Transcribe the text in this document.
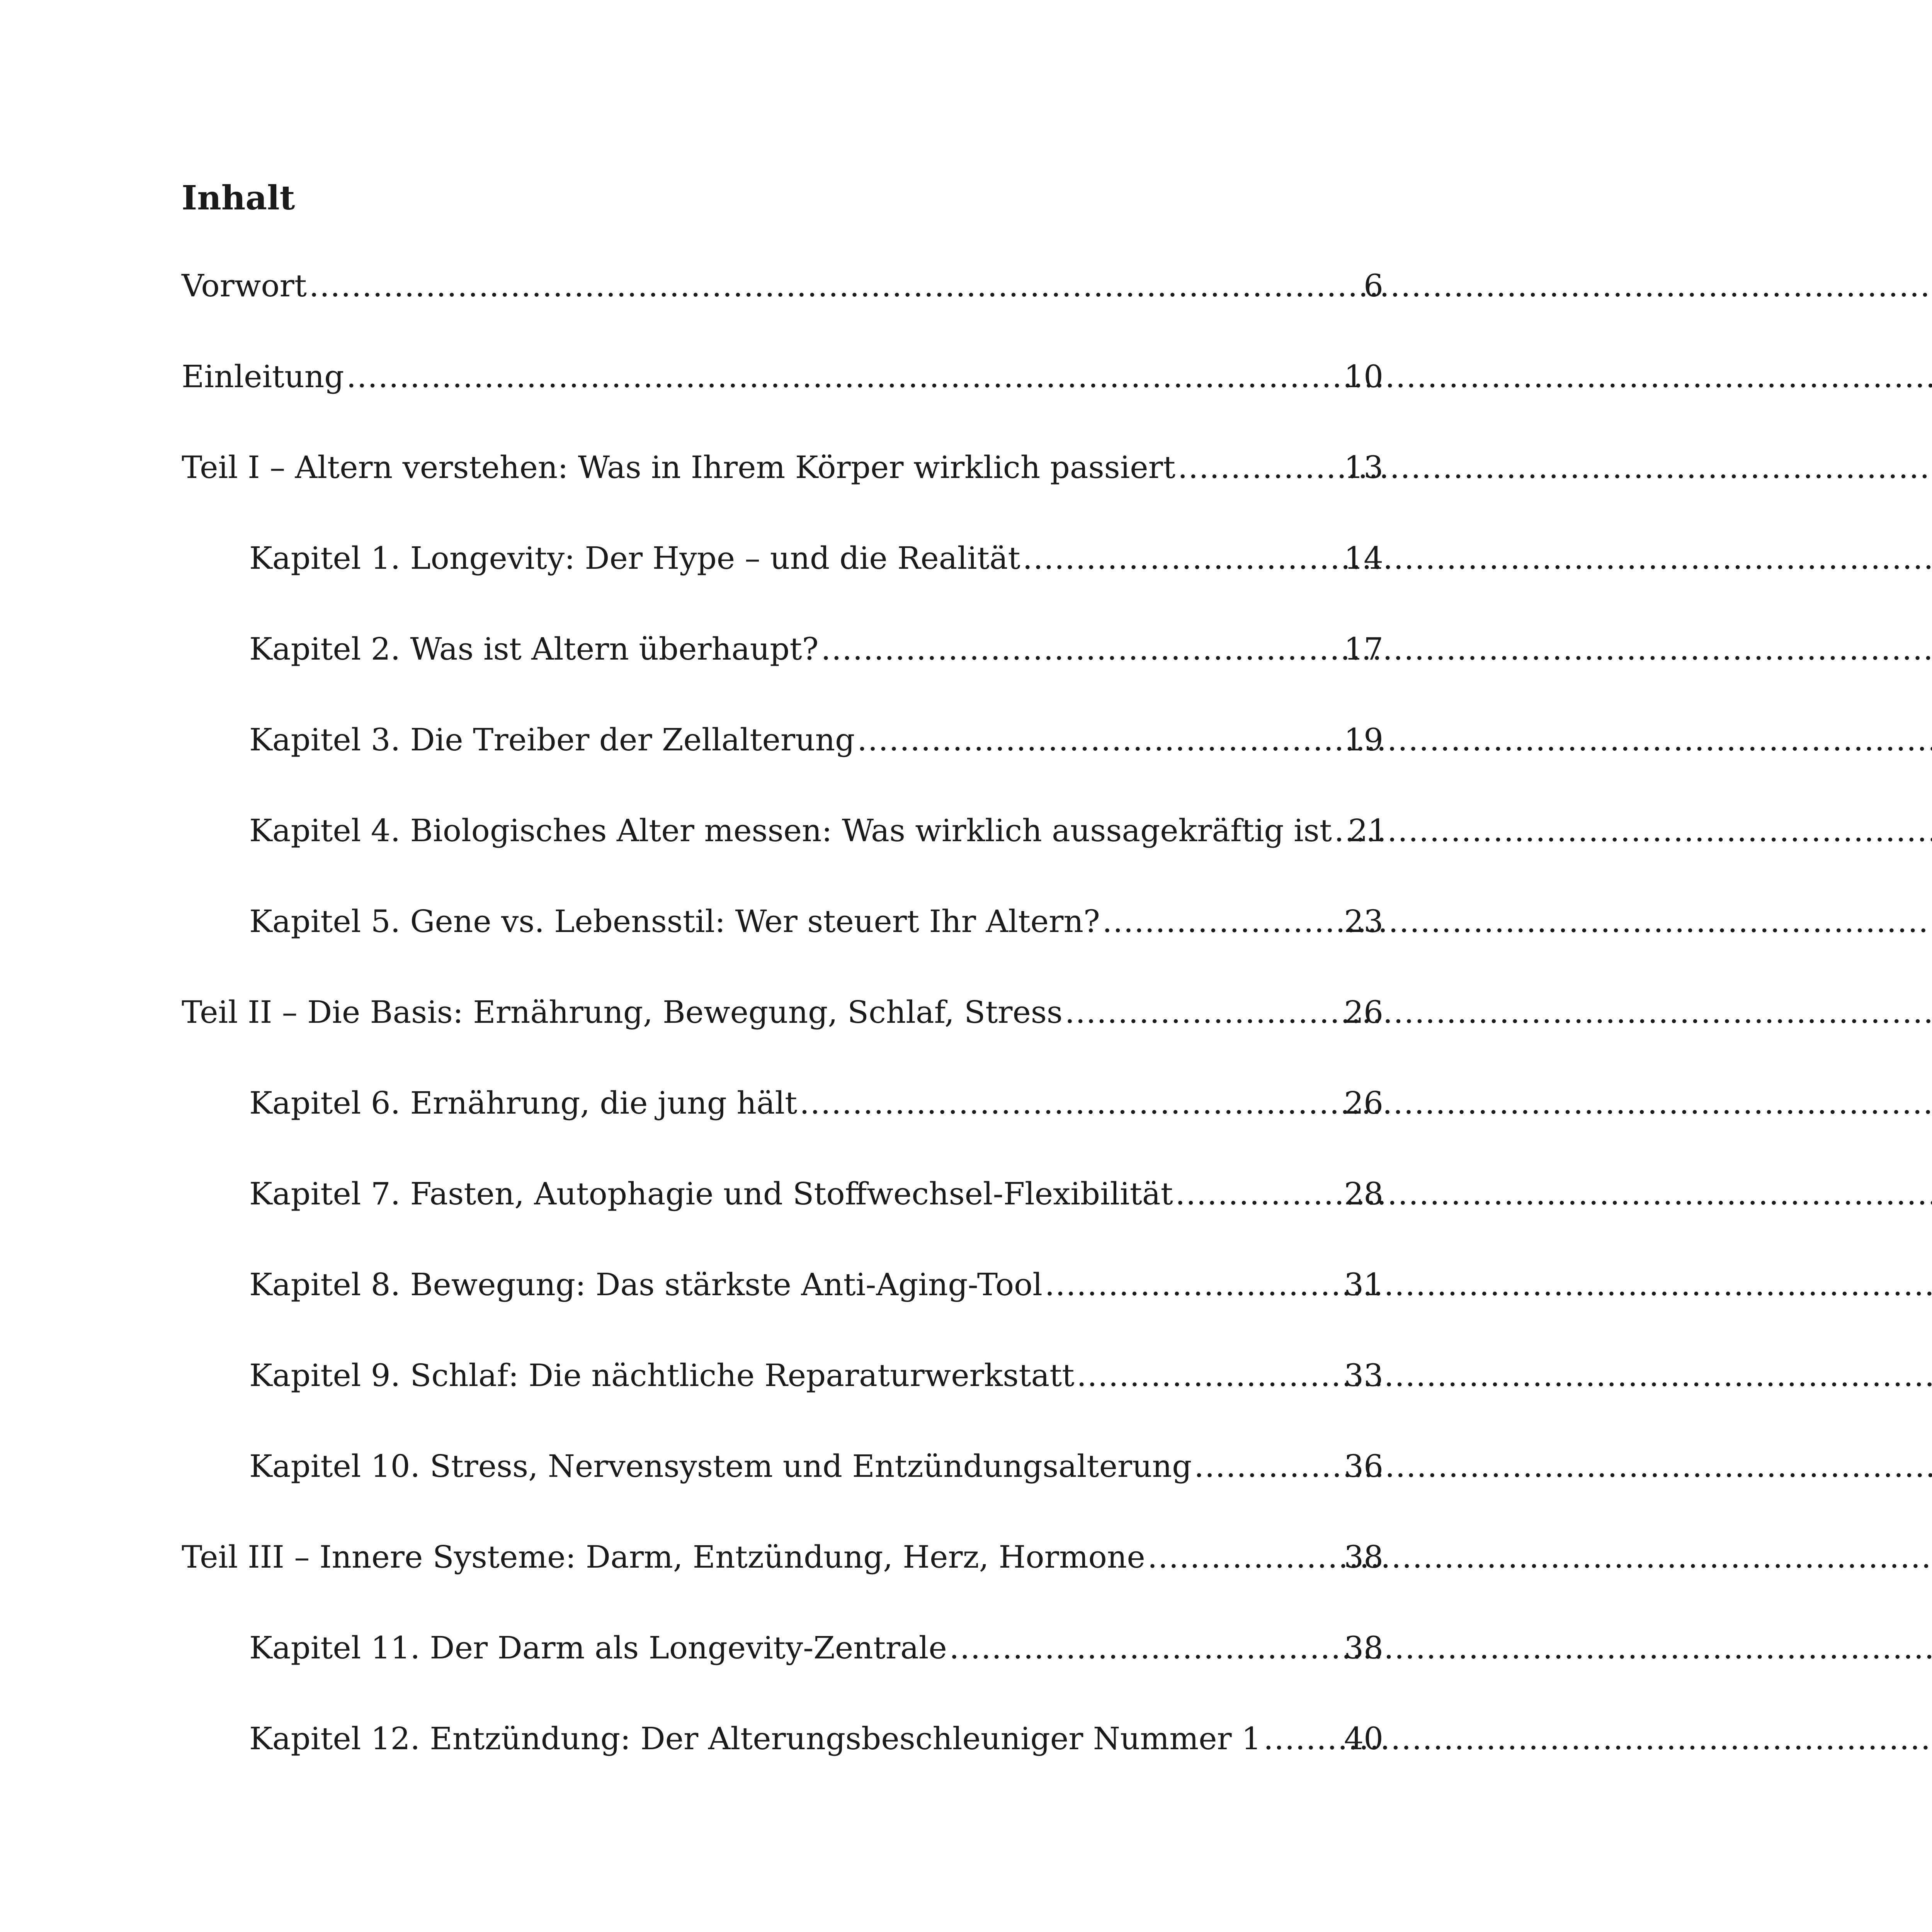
Inhalt
Vorwort .....	6
Einleitung .....	10
Teil I – Altern verstehen: Was in Ihrem Körper wirklich passiert .....	13
Kapitel 1. Longevity: Der Hype – und die Realität .....	14
Kapitel 2. Was ist Altern überhaupt? .....	17
Kapitel 3. Die Treiber der Zellalterung .....	19
Kapitel 4. Biologisches Alter messen: Was wirklich aussagekräftig ist ..... 21
Kapitel 5. Gene vs. Lebensstil: Wer steuert Ihr Altern? .....	23
Teil II – Die Basis: Ernährung, Bewegung, Schlaf, Stress .....	26
Kapitel 6. Ernährung, die jung hält .....	26
Kapitel 7. Fasten, Autophagie und Stoffwechsel-Flexibilität .....	28
Kapitel 8. Bewegung: Das stärkste Anti-Aging-Tool .....	31
Kapitel 9. Schlaf: Die nächtliche Reparaturwerkstatt .....	33
Kapitel 10. Stress, Nervensystem und Entzündungsalterung .....	36
Teil III – Innere Systeme: Darm, Entzündung, Herz, Hormone .....	38
Kapitel 11. Der Darm als Longevity-Zentrale .....	38
Kapitel 12. Entzündung: Der Alterungsbeschleuniger Nummer 1 .....	40
